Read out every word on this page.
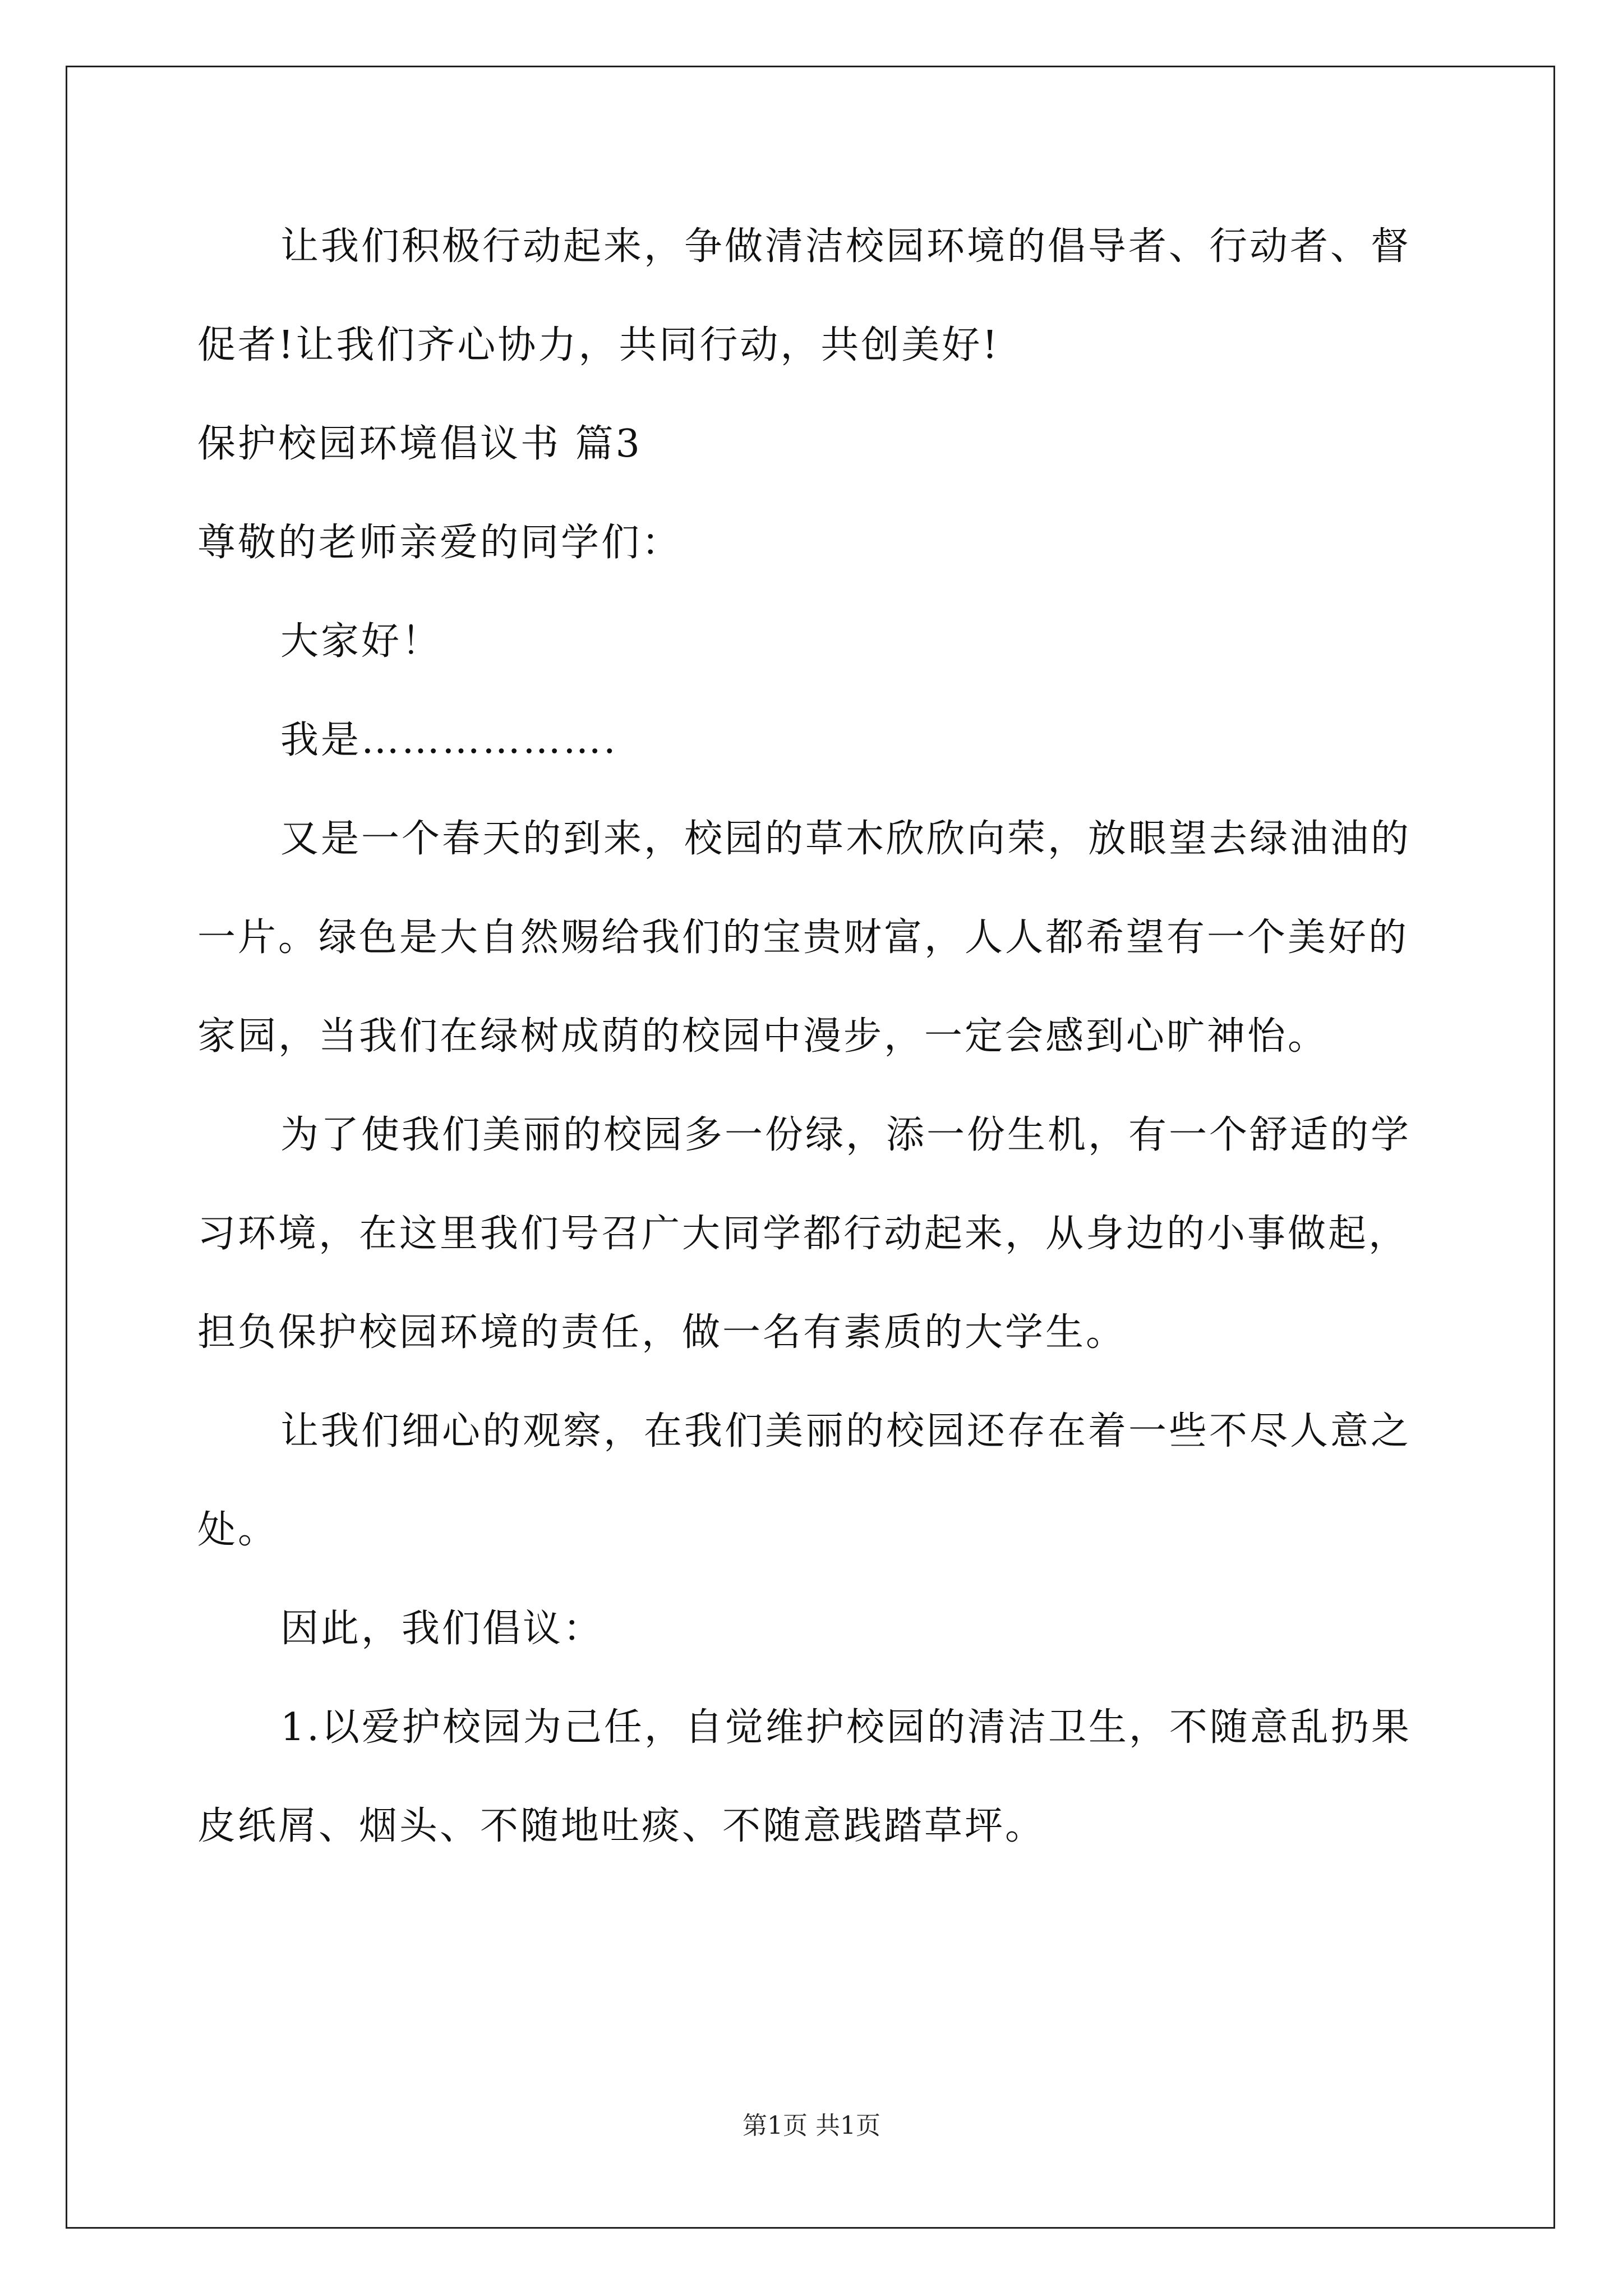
让我们积极行动起来，争做清洁校园环境的倡导者、行动者、督
促者!让我们齐心协力，共同行动，共创美好!
保护校园环境倡议书 篇3
尊敬的老师亲爱的同学们：
大家好！
我是……………….
又是一个春天的到来，校园的草木欣欣向荣，放眼望去绿油油的
一片。绿色是大自然赐给我们的宝贵财富，人人都希望有一个美好的
家园，当我们在绿树成荫的校园中漫步，一定会感到心旷神怡。
为了使我们美丽的校园多一份绿，添一份生机，有一个舒适的学
习环境，在这里我们号召广大同学都行动起来，从身边的小事做起，
担负保护校园环境的责任，做一名有素质的大学生。
让我们细心的观察，在我们美丽的校园还存在着一些不尽人意之
处。
因此，我们倡议：
1.以爱护校园为己任，自觉维护校园的清洁卫生，不随意乱扔果
皮纸屑、烟头、不随地吐痰、不随意践踏草坪。
第1页 共1页
